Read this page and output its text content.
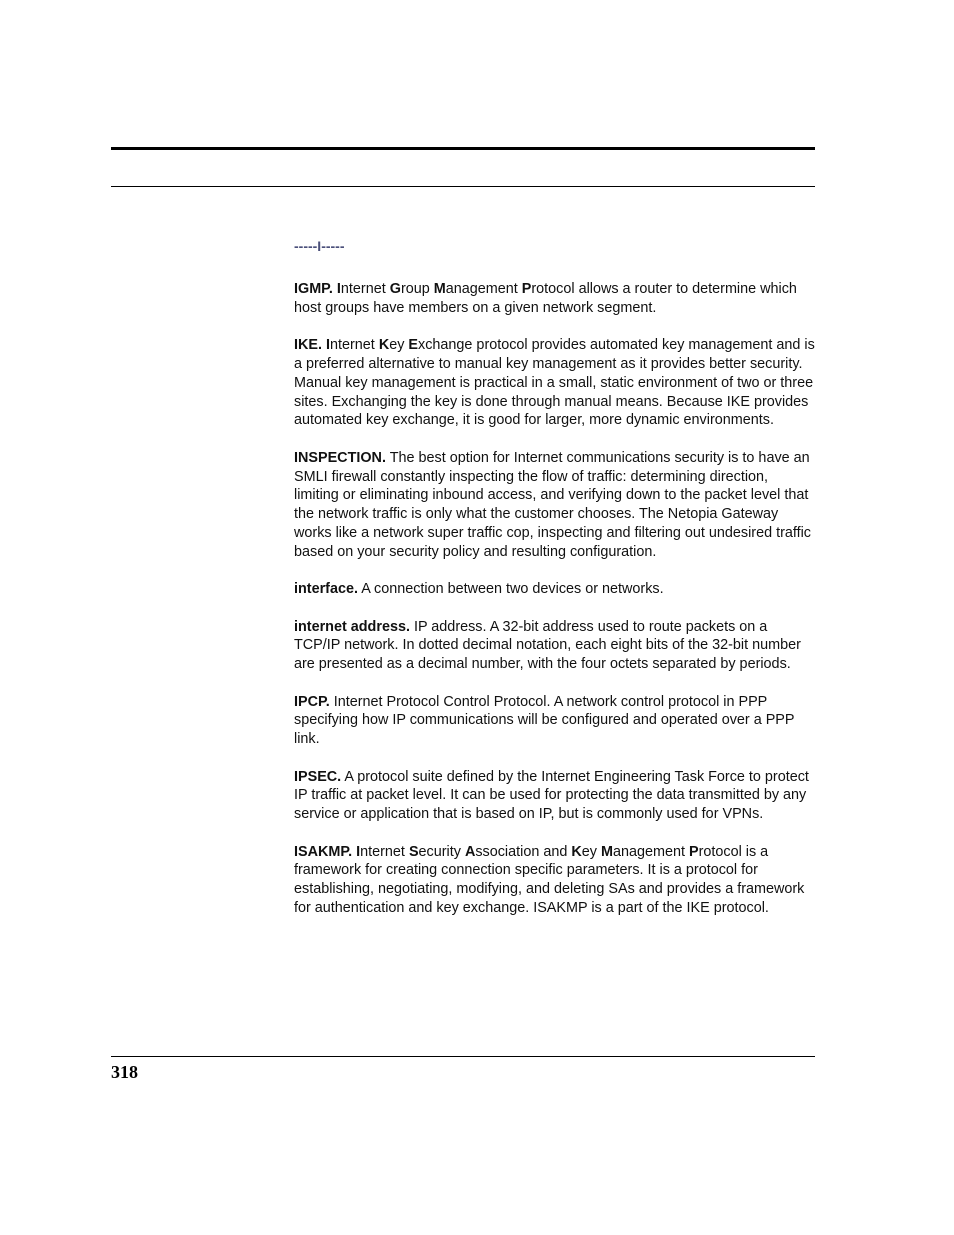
-----I-----

IGMP. Internet Group Management Protocol allows a router to determine which host groups have members on a given network segment.

IKE. Internet Key Exchange protocol provides automated key management and is a preferred alternative to manual key management as it provides better security. Manual key management is practical in a small, static environment of two or three sites. Exchanging the key is done through manual means. Because IKE provides automated key exchange, it is good for larger, more dynamic environments.

INSPECTION. The best option for Internet communications security is to have an SMLI firewall constantly inspecting the flow of traffic: determining direction, limiting or eliminating inbound access, and verifying down to the packet level that the network traffic is only what the customer chooses. The Netopia Gateway works like a network super traffic cop, inspecting and filtering out undesired traffic based on your security policy and resulting configuration.

interface. A connection between two devices or networks.

internet address. IP address. A 32-bit address used to route packets on a TCP/IP network. In dotted decimal notation, each eight bits of the 32-bit number are presented as a decimal number, with the four octets separated by periods.

IPCP. Internet Protocol Control Protocol. A network control protocol in PPP specifying how IP communications will be configured and operated over a PPP link.

IPSEC. A protocol suite defined by the Internet Engineering Task Force to protect IP traffic at packet level. It can be used for protecting the data transmitted by any service or application that is based on IP, but is commonly used for VPNs.

ISAKMP. Internet Security Association and Key Management Protocol is a framework for creating connection specific parameters. It is a protocol for establishing, negotiating, modifying, and deleting SAs and provides a framework for authentication and key exchange. ISAKMP is a part of the IKE protocol.

318
